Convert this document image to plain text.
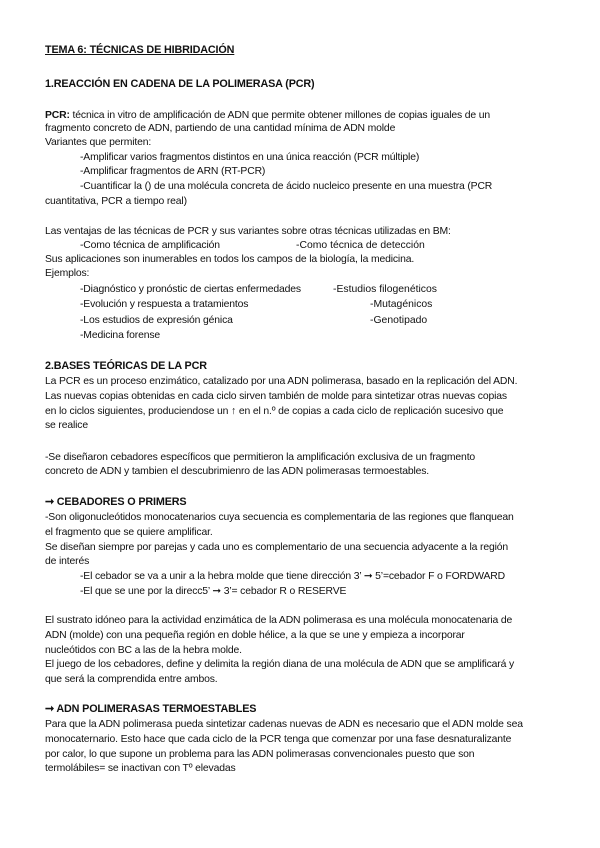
TEMA 6: TÉCNICAS DE HIBRIDACIÓN
1.REACCIÓN EN CADENA DE LA POLIMERASA (PCR)
PCR: técnica in vitro de amplificación de ADN que permite obtener millones de copias iguales de un
fragmento concreto de ADN, partiendo de una cantidad mínima de ADN molde
Variantes que permiten:
-Amplificar varios fragmentos distintos en una única reacción (PCR múltiple)
-Amplificar fragmentos de ARN (RT-PCR)
-Cuantificar la () de una molécula concreta de ácido nucleico presente en una muestra (PCR
cuantitativa, PCR a tiempo real)
Las ventajas de las técnicas de PCR y sus variantes sobre otras técnicas utilizadas en BM:
-Como técnica de amplificación	-Como técnica de detección
Sus aplicaciones son inumerables en todos los campos de la biología, la medicina.
Ejemplos:
-Diagnóstico y pronóstic de ciertas enfermedades	-Estudios filogenéticos
-Evolución y respuesta a tratamientos	-Mutagénicos
-Los estudios de expresión génica	-Genotipado
-Medicina forense
2.BASES TEÓRICAS DE LA PCR
La PCR es un proceso enzimático, catalizado por una ADN polimerasa, basado en la replicación del ADN.
Las nuevas copias obtenidas en cada ciclo sirven también de molde para sintetizar otras nuevas copias
en lo ciclos siguientes, produciendose un ↑ en el n.º de copias a cada ciclo de replicación sucesivo que
se realice
-Se diseñaron cebadores específicos que permitieron la amplificación exclusiva de un fragmento
concreto de ADN y tambien el descubrimienro de las ADN polimerasas termoestables.
➞ CEBADORES O PRIMERS
-Son oligonucleótidos monocatenarios cuya secuencia es complementaria de las regiones que flanquean
el fragmento que se quiere amplificar.
Se diseñan siempre por parejas y cada uno es complementario de una secuencia adyacente a la región
de interés
-El cebador se va a unir a la hebra molde que tiene dirección 3’ ➞ 5’=cebador F o FORDWARD
-El que se une por la direcc5’ ➞ 3’= cebador R o RESERVE
El sustrato idóneo para la actividad enzimática de la ADN polimerasa es una molécula monocatenaria de
ADN (molde) con una pequeña región en doble hélice, a la que se une y empieza a incorporar
nucleótidos con BC a las de la hebra molde.
El juego de los cebadores, define y delimita la región diana de una molécula de ADN que se amplificará y
que será la comprendida entre ambos.
➞ ADN POLIMERASAS TERMOESTABLES
Para que la ADN polimerasa pueda sintetizar cadenas nuevas de ADN es necesario que el ADN molde sea
monocaternario. Esto hace que cada ciclo de la PCR tenga que comenzar por una fase desnaturalizante
por calor, lo que supone un problema para las ADN polimerasas convencionales puesto que son
termolábiles= se inactivan con Tº elevadas
